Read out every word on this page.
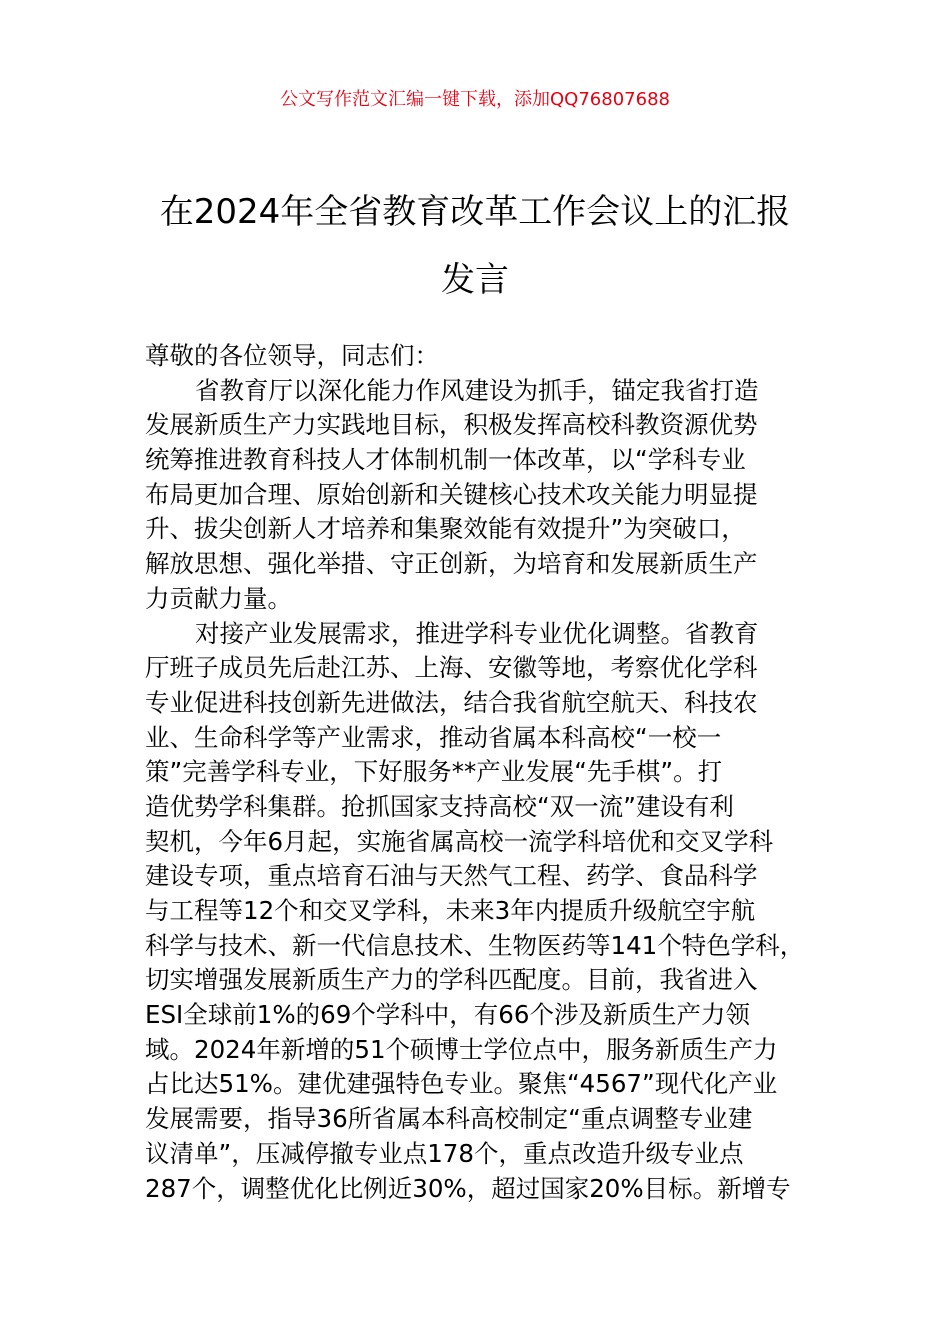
公文写作范文汇编一键下载，添加QQ76807688
在2024年全省教育改革工作会议上的汇报
发言
尊敬的各位领导，同志们：
省教育厅以深化能力作风建设为抓手，锚定我省打造
发展新质生产力实践地目标，积极发挥高校科教资源优势
统筹推进教育科技人才体制机制一体改革，以“学科专业
布局更加合理、原始创新和关键核心技术攻关能力明显提
升、拔尖创新人才培养和集聚效能有效提升”为突破口，
解放思想、强化举措、守正创新，为培育和发展新质生产
力贡献力量。
对接产业发展需求，推进学科专业优化调整。省教育
厅班子成员先后赴江苏、上海、安徽等地，考察优化学科
专业促进科技创新先进做法，结合我省航空航天、科技农
业、生命科学等产业需求，推动省属本科高校“一校一
策”完善学科专业，下好服务**产业发展“先手棋”。打
造优势学科集群。抢抓国家支持高校“双一流”建设有利
契机，今年6月起，实施省属高校一流学科培优和交叉学科
建设专项，重点培育石油与天然气工程、药学、食品科学
与工程等12个和交叉学科，未来3年内提质升级航空宇航
科学与技术、新一代信息技术、生物医药等141个特色学科，
切实增强发展新质生产力的学科匹配度。目前，我省进入
ESI全球前1%的69个学科中，有66个涉及新质生产力领
域。2024年新增的51个硕博士学位点中，服务新质生产力
占比达51%。建优建强特色专业。聚焦“4567”现代化产业
发展需要，指导36所省属本科高校制定“重点调整专业建
议清单”，压减停撤专业点178个，重点改造升级专业点
287个，调整优化比例近30%，超过国家20%目标。新增专
